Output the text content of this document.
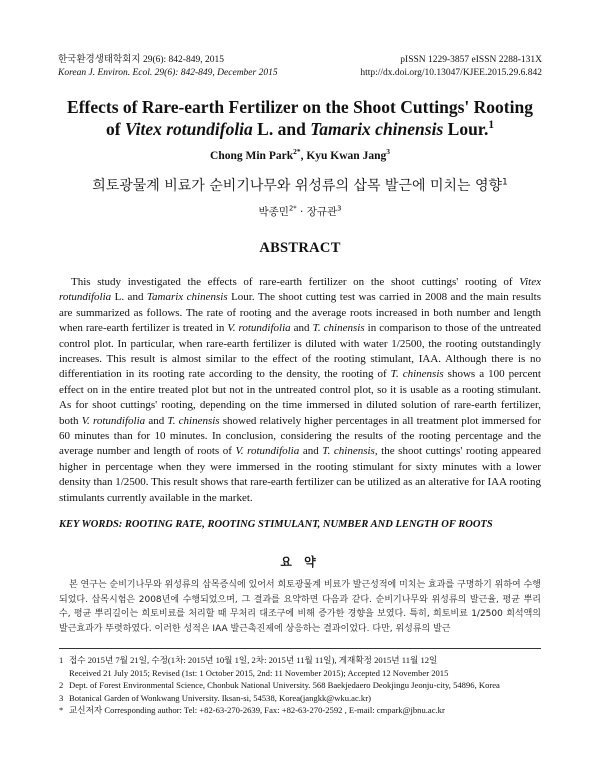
한국환경생태학회지 29(6): 842-849, 2015
Korean J. Environ. Ecol. 29(6): 842-849, December 2015
pISSN 1229-3857 eISSN 2288-131X
http://dx.doi.org/10.13047/KJEE.2015.29.6.842
Effects of Rare-earth Fertilizer on the Shoot Cuttings' Rooting
of Vitex rotundifolia L. and Tamarix chinensis Lour.$^1$
Chong Min Park$^{2*}$, Kyu Kwan Jang$^3$
희토광물계 비료가 순비기나무와 위성류의 삽목 발근에 미치는 영향$^1$
박종민$^{2*}$ · 장규관$^3$
ABSTRACT

This study investigated the effects of rare-earth fertilizer on the shoot cuttings' rooting of Vitex rotundifolia L. and Tamarix chinensis Lour. The shoot cutting test was carried in 2008 and the main results are summarized as follows. The rate of rooting and the average roots increased in both number and length when rare-earth fertilizer is treated in V. rotundifolia and T. chinensis in comparison to those of the untreated control plot. In particular, when rare-earth fertilizer is diluted with water 1/2500, the rooting outstandingly increases. This result is almost similar to the effect of the rooting stimulant, IAA. Although there is no differentiation in its rooting rate according to the density, the rooting of T. chinensis shows a 100 percent effect on in the entire treated plot but not in the untreated control plot, so it is usable as a rooting stimulant. As for shoot cuttings' rooting, depending on the time immersed in diluted solution of rare-earth fertilizer, both V. rotundifolia and T. chinensis showed relatively higher percentages in all treatment plot immersed for 60 minutes than for 10 minutes. In conclusion, considering the results of the rooting percentage and the average number and length of roots of V. rotundifolia and T. chinensis, the shoot cuttings' rooting appeared higher in percentage when they were immersed in the rooting stimulant for sixty minutes with a lower density than 1/2500. This result shows that rare-earth fertilizer can be utilized as an alterative for IAA rooting stimulants currently available in the market.

KEY WORDS: ROOTING RATE, ROOTING STIMULANT, NUMBER AND LENGTH OF ROOTS
요 약

본 연구는 순비기나무와 위성류의 삽목증식에 있어서 희토광물계 비료가 발근성적에 미치는 효과를 구명하기 위하여 수행되었다. 삽목시험은 2008년에 수행되었으며, 그 결과를 요약하면 다음과 같다. 순비기나무와 위성류의 발근율, 평균 뿌리 수, 평균 뿌리길이는 희토비료를 처리할 때 무처리 대조구에 비해 증가한 경향을 보였다. 특히, 희토비료 1/2500 희석액의 발근효과가 뚜렷하였다. 이러한 성적은 IAA 발근촉진제에 상응하는 결과이었다. 다만, 위성류의 발근

1 접수 2015년 7월 21일, 수정(1차: 2015년 10월 1일, 2차: 2015년 11월 11일), 게재확정 2015년 11월 12일
Received 21 July 2015; Revised (1st: 1 October 2015, 2nd: 11 November 2015); Accepted 12 November 2015
2 Dept. of Forest Environmental Science, Chonbuk National University. 568 Baekjedaero Deokjingu Jeonju-city, 54896, Korea
3 Botanical Garden of Wonkwang University. Iksan-si, 54538, Korea(jangkk@wku.ac.kr)
* 교신저자 Corresponding author: Tel: +82-63-270-2639, Fax: +82-63-270-2592 , E-mail: cmpark@jbnu.ac.kr
